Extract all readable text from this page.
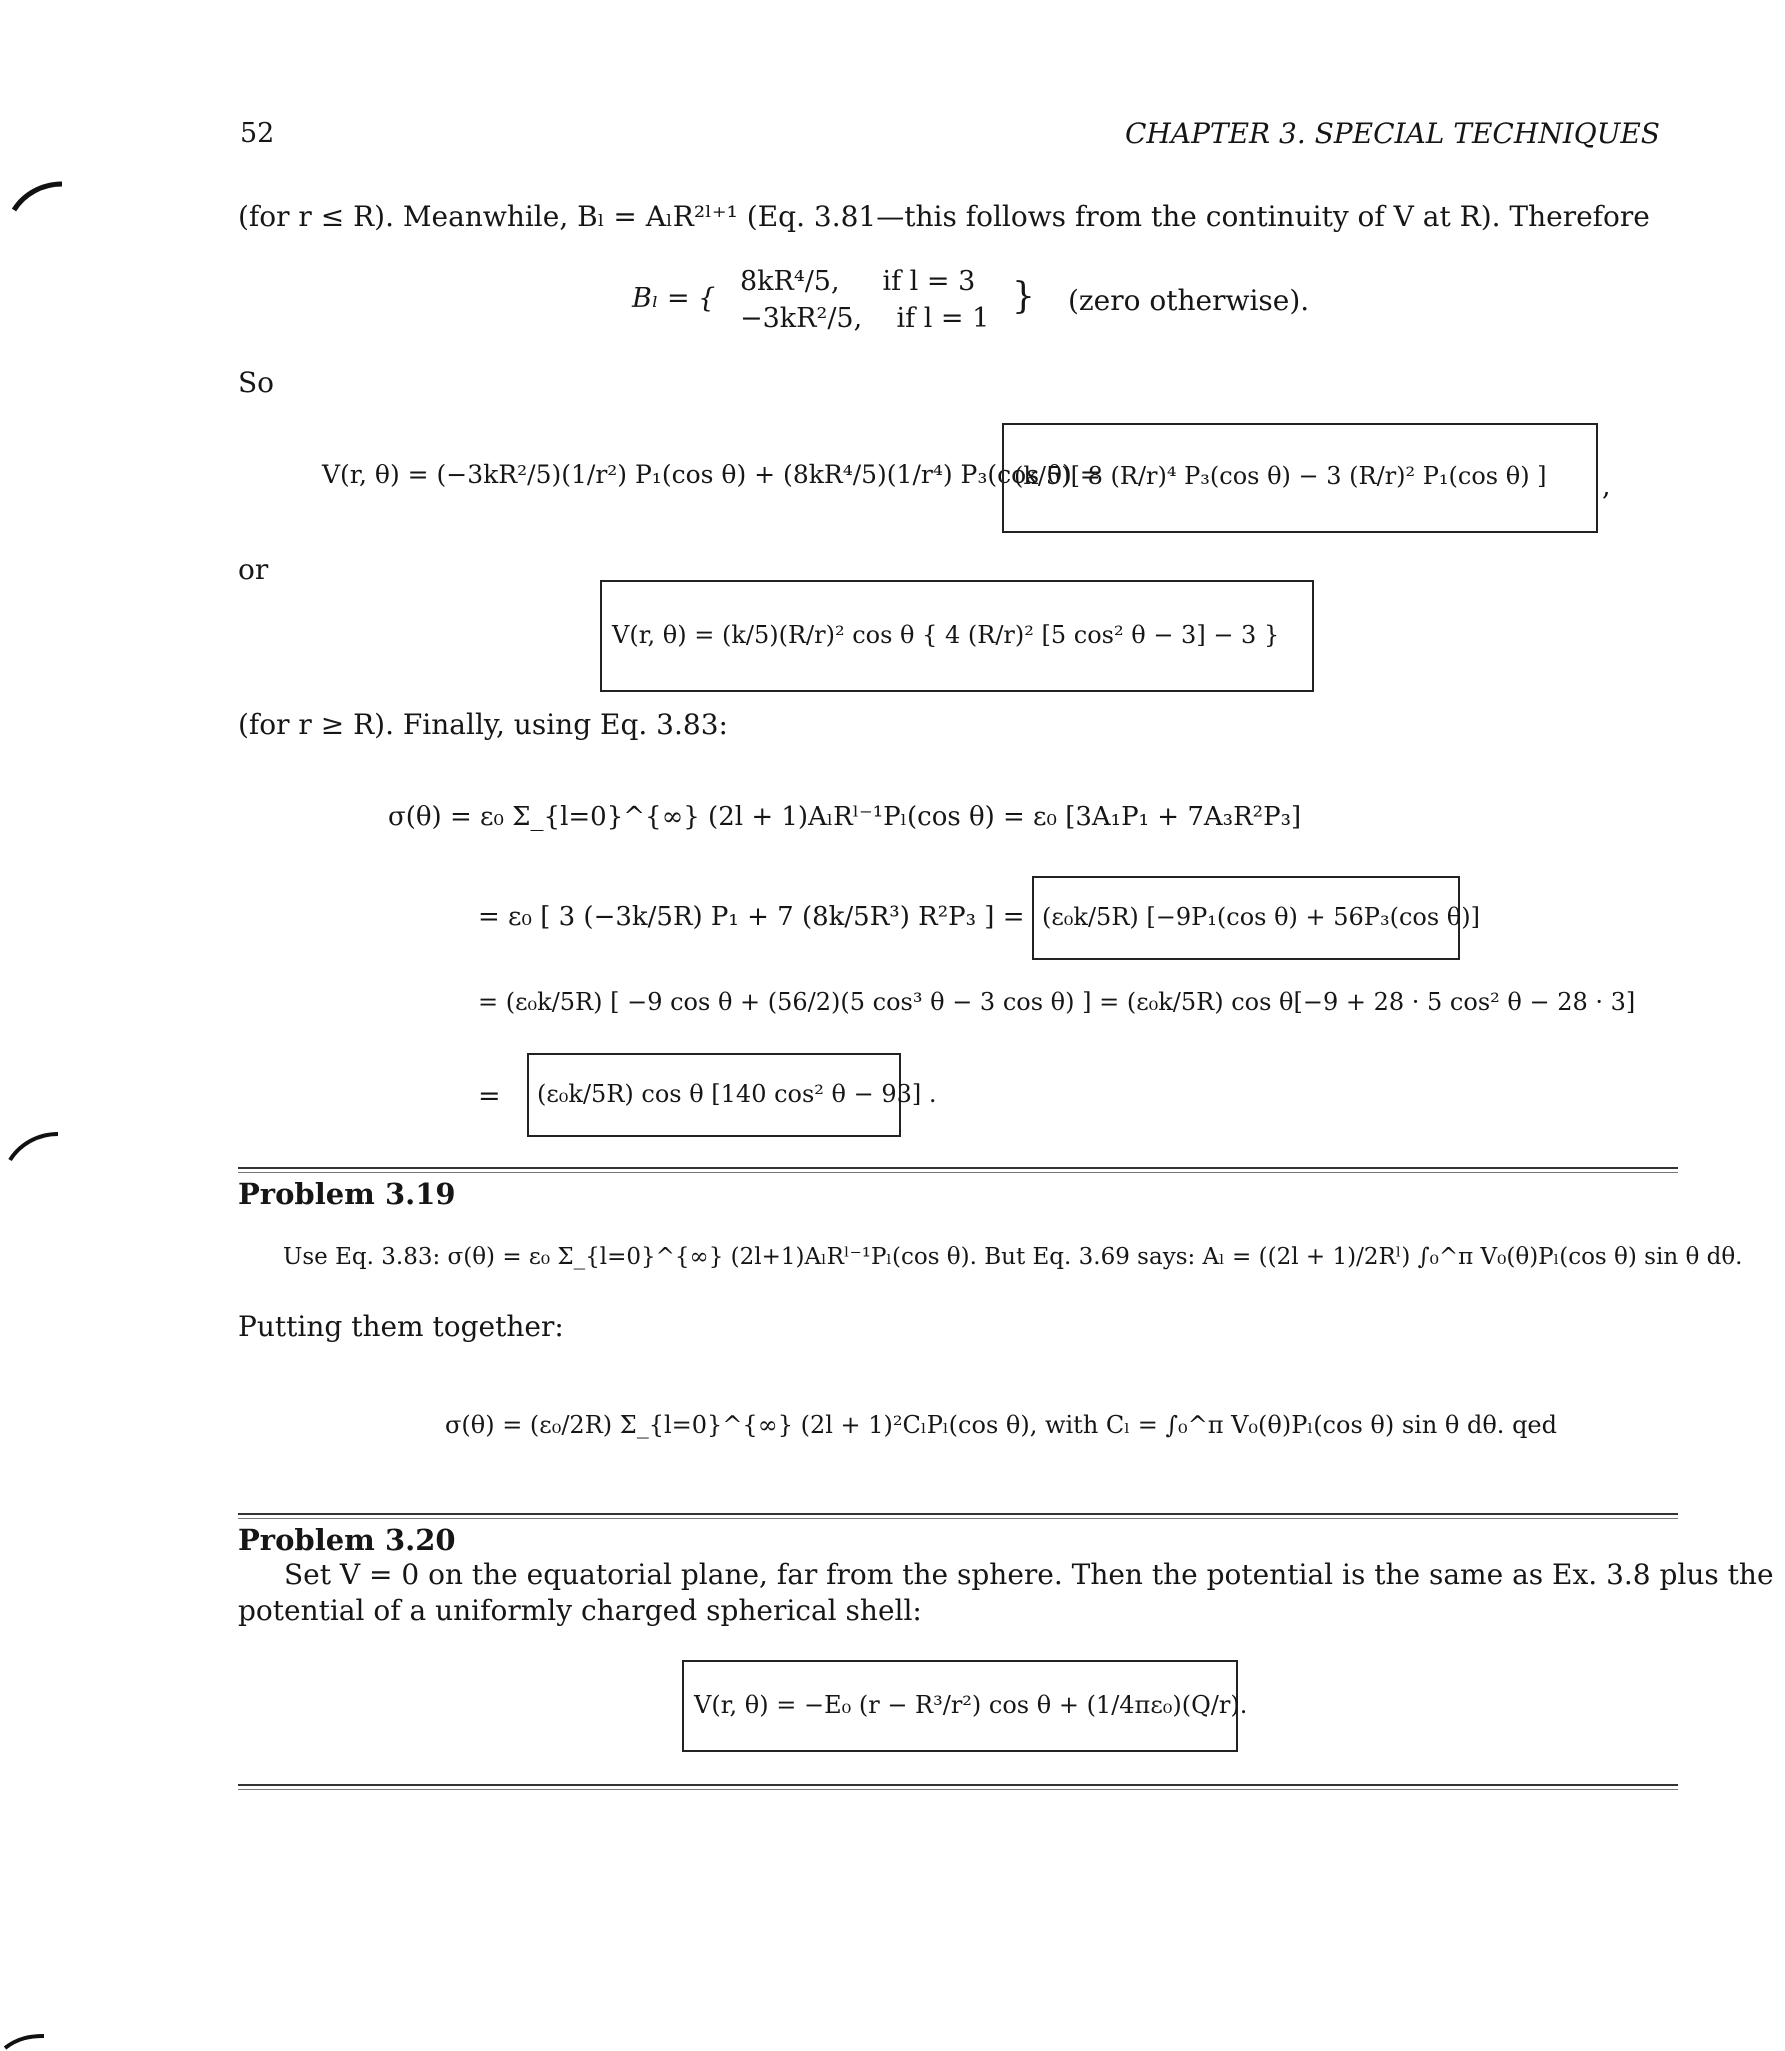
52	CHAPTER 3. SPECIAL TECHNIQUES
(for r ≤ R). Meanwhile, Bₗ = AₗR²ˡ⁺¹ (Eq. 3.81—this follows from the continuity of V at R). Therefore
Bₗ = {
8kR⁴/5,     if l = 3
−3kR²/5,    if l = 1
} (zero otherwise).
So
V(r, θ) = (−3kR²/5)(1/r²) P₁(cos θ) + (8kR⁴/5)(1/r⁴) P₃(cos θ) =
(k/5)[ 8 (R/r)⁴ P₃(cos θ) − 3 (R/r)² P₁(cos θ) ] ,
or
V(r, θ) = (k/5)(R/r)² cos θ { 4 (R/r)² [5 cos² θ − 3] − 3 }
(for r ≥ R). Finally, using Eq. 3.83:
σ(θ) = ε₀ Σ_{l=0}^{∞} (2l + 1)AₗRˡ⁻¹Pₗ(cos θ) = ε₀ [3A₁P₁ + 7A₃R²P₃]
= ε₀ [ 3 (−3k/5R) P₁ + 7 (8k/5R³) R²P₃ ] = (ε₀k/5R) [−9P₁(cos θ) + 56P₃(cos θ)]
= (ε₀k/5R) [ −9 cos θ + (56/2)(5 cos³ θ − 3 cos θ) ] = (ε₀k/5R) cos θ[−9 + 28 · 5 cos² θ − 28 · 3]
= (ε₀k/5R) cos θ [140 cos² θ − 93] .
Problem 3.19
Use Eq. 3.83: σ(θ) = ε₀ Σ_{l=0}^{∞} (2l+1)AₗRˡ⁻¹Pₗ(cos θ). But Eq. 3.69 says: Aₗ = ((2l + 1)/2Rˡ) ∫₀^π V₀(θ)Pₗ(cos θ) sin θ dθ.
Putting them together:
σ(θ) = (ε₀/2R) Σ_{l=0}^{∞} (2l + 1)²CₗPₗ(cos θ), with Cₗ = ∫₀^π V₀(θ)Pₗ(cos θ) sin θ dθ. qed
Problem 3.20
Set V = 0 on the equatorial plane, far from the sphere. Then the potential is the same as Ex. 3.8 plus the
potential of a uniformly charged spherical shell:
V(r, θ) = −E₀ (r − R³/r²) cos θ + (1/4πε₀)(Q/r).
